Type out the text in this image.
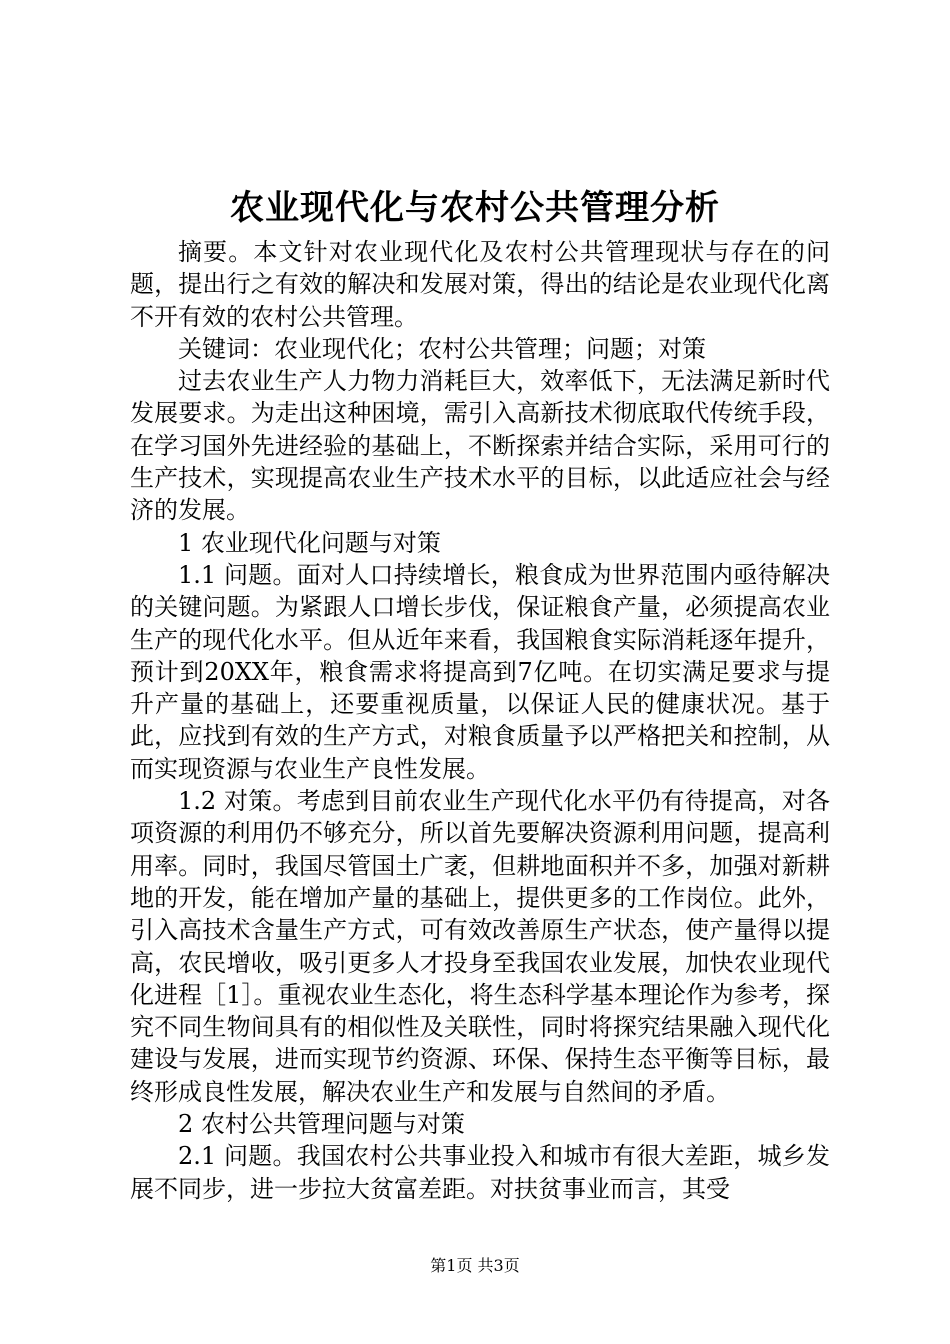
农业现代化与农村公共管理分析

摘要。本文针对农业现代化及农村公共管理现状与存在的问题，提出行之有效的解决和发展对策，得出的结论是农业现代化离不开有效的农村公共管理。

关键词：农业现代化；农村公共管理；问题；对策

过去农业生产人力物力消耗巨大，效率低下，无法满足新时代发展要求。为走出这种困境，需引入高新技术彻底取代传统手段，在学习国外先进经验的基础上，不断探索并结合实际，采用可行的生产技术，实现提高农业生产技术水平的目标，以此适应社会与经济的发展。

1 农业现代化问题与对策

1.1 问题。面对人口持续增长，粮食成为世界范围内亟待解决的关键问题。为紧跟人口增长步伐，保证粮食产量，必须提高农业生产的现代化水平。但从近年来看，我国粮食实际消耗逐年提升，预计到20XX年，粮食需求将提高到7亿吨。在切实满足要求与提升产量的基础上，还要重视质量，以保证人民的健康状况。基于此，应找到有效的生产方式，对粮食质量予以严格把关和控制，从而实现资源与农业生产良性发展。

1.2 对策。考虑到目前农业生产现代化水平仍有待提高，对各项资源的利用仍不够充分，所以首先要解决资源利用问题，提高利用率。同时，我国尽管国土广袤，但耕地面积并不多，加强对新耕地的开发，能在增加产量的基础上，提供更多的工作岗位。此外，引入高技术含量生产方式，可有效改善原生产状态，使产量得以提高，农民增收，吸引更多人才投身至我国农业发展，加快农业现代化进程［1］。重视农业生态化，将生态科学基本理论作为参考，探究不同生物间具有的相似性及关联性，同时将探究结果融入现代化建设与发展，进而实现节约资源、环保、保持生态平衡等目标，最终形成良性发展，解决农业生产和发展与自然间的矛盾。

2 农村公共管理问题与对策

2.1 问题。我国农村公共事业投入和城市有很大差距，城乡发展不同步，进一步拉大贫富差距。对扶贫事业而言，其受

第1页 共3页
